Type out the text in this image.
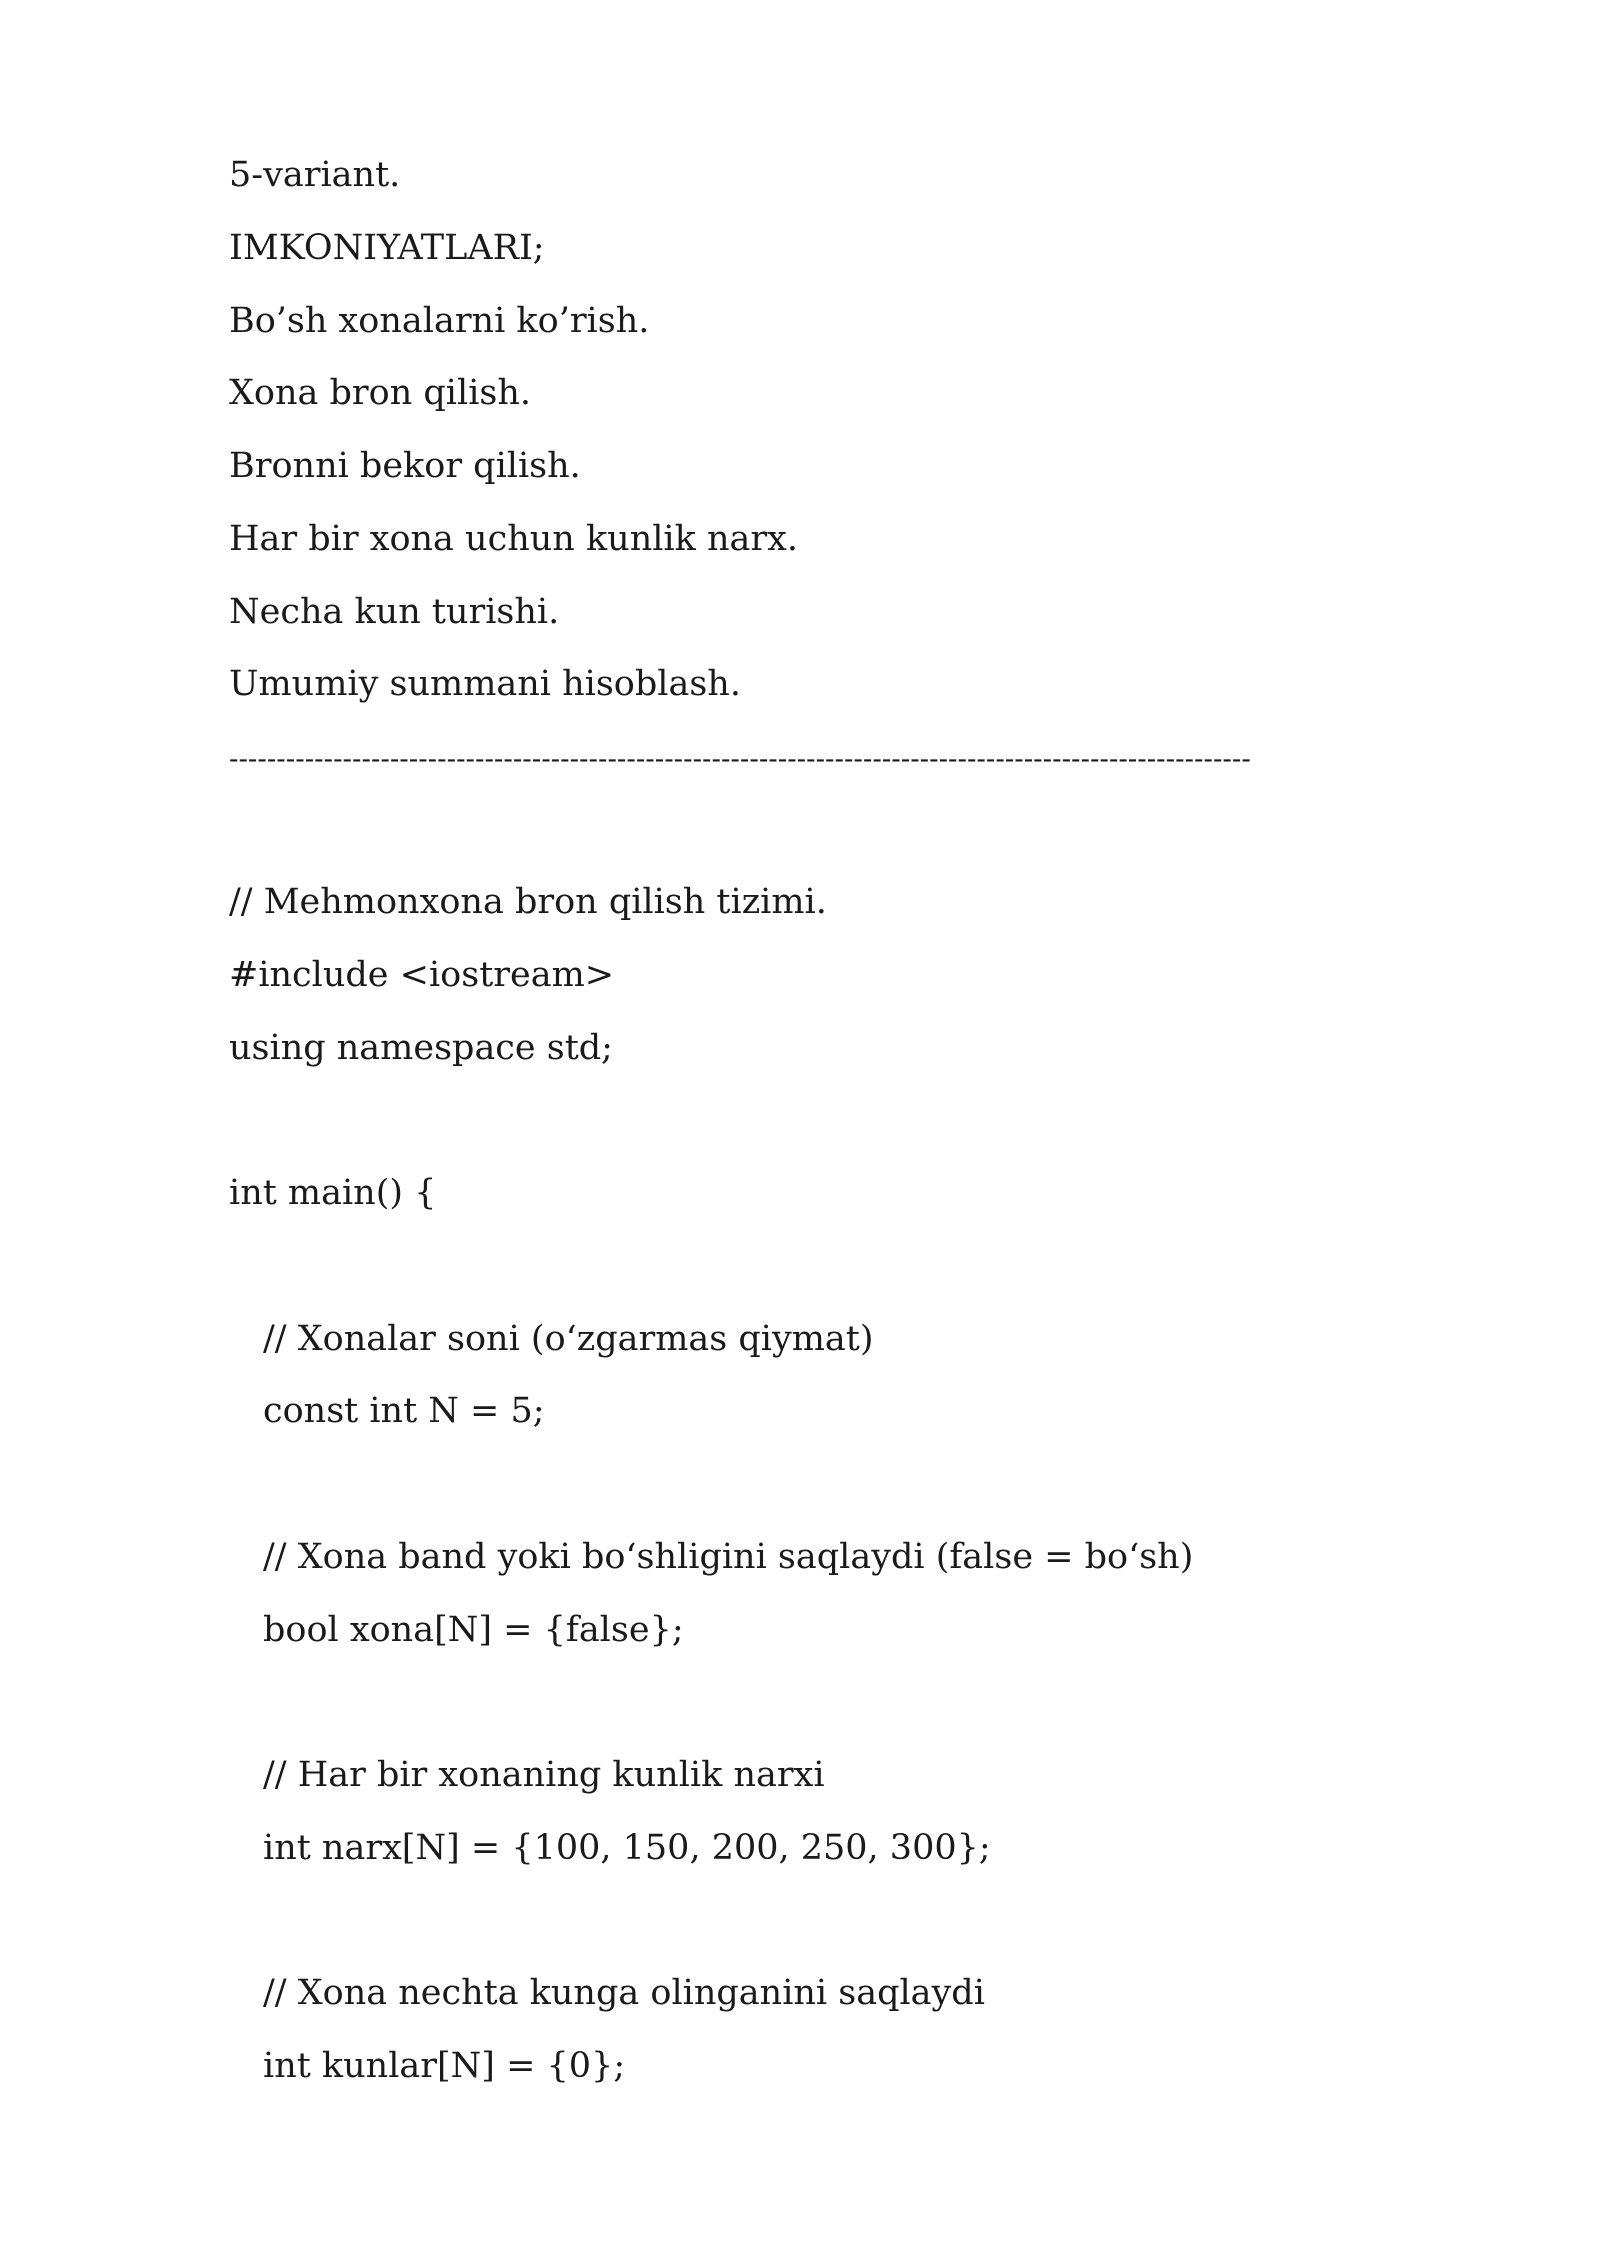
5-variant.
IMKONIYATLARI;
Bo’sh xonalarni ko’rish.
Xona bron qilish.
Bronni bekor qilish.
Har bir xona uchun kunlik narx.
Necha kun turishi.
Umumiy summani hisoblash.
------------------------------------------------------------------------------------------------------------
// Mehmonxona bron qilish tizimi.
#include <iostream>
using namespace std;
int main() {
// Xonalar soni (o‘zgarmas qiymat)
const int N = 5;
// Xona band yoki bo‘shligini saqlaydi (false = bo‘sh)
bool xona[N] = {false};
// Har bir xonaning kunlik narxi
int narx[N] = {100, 150, 200, 250, 300};
// Xona nechta kunga olinganini saqlaydi
int kunlar[N] = {0};
